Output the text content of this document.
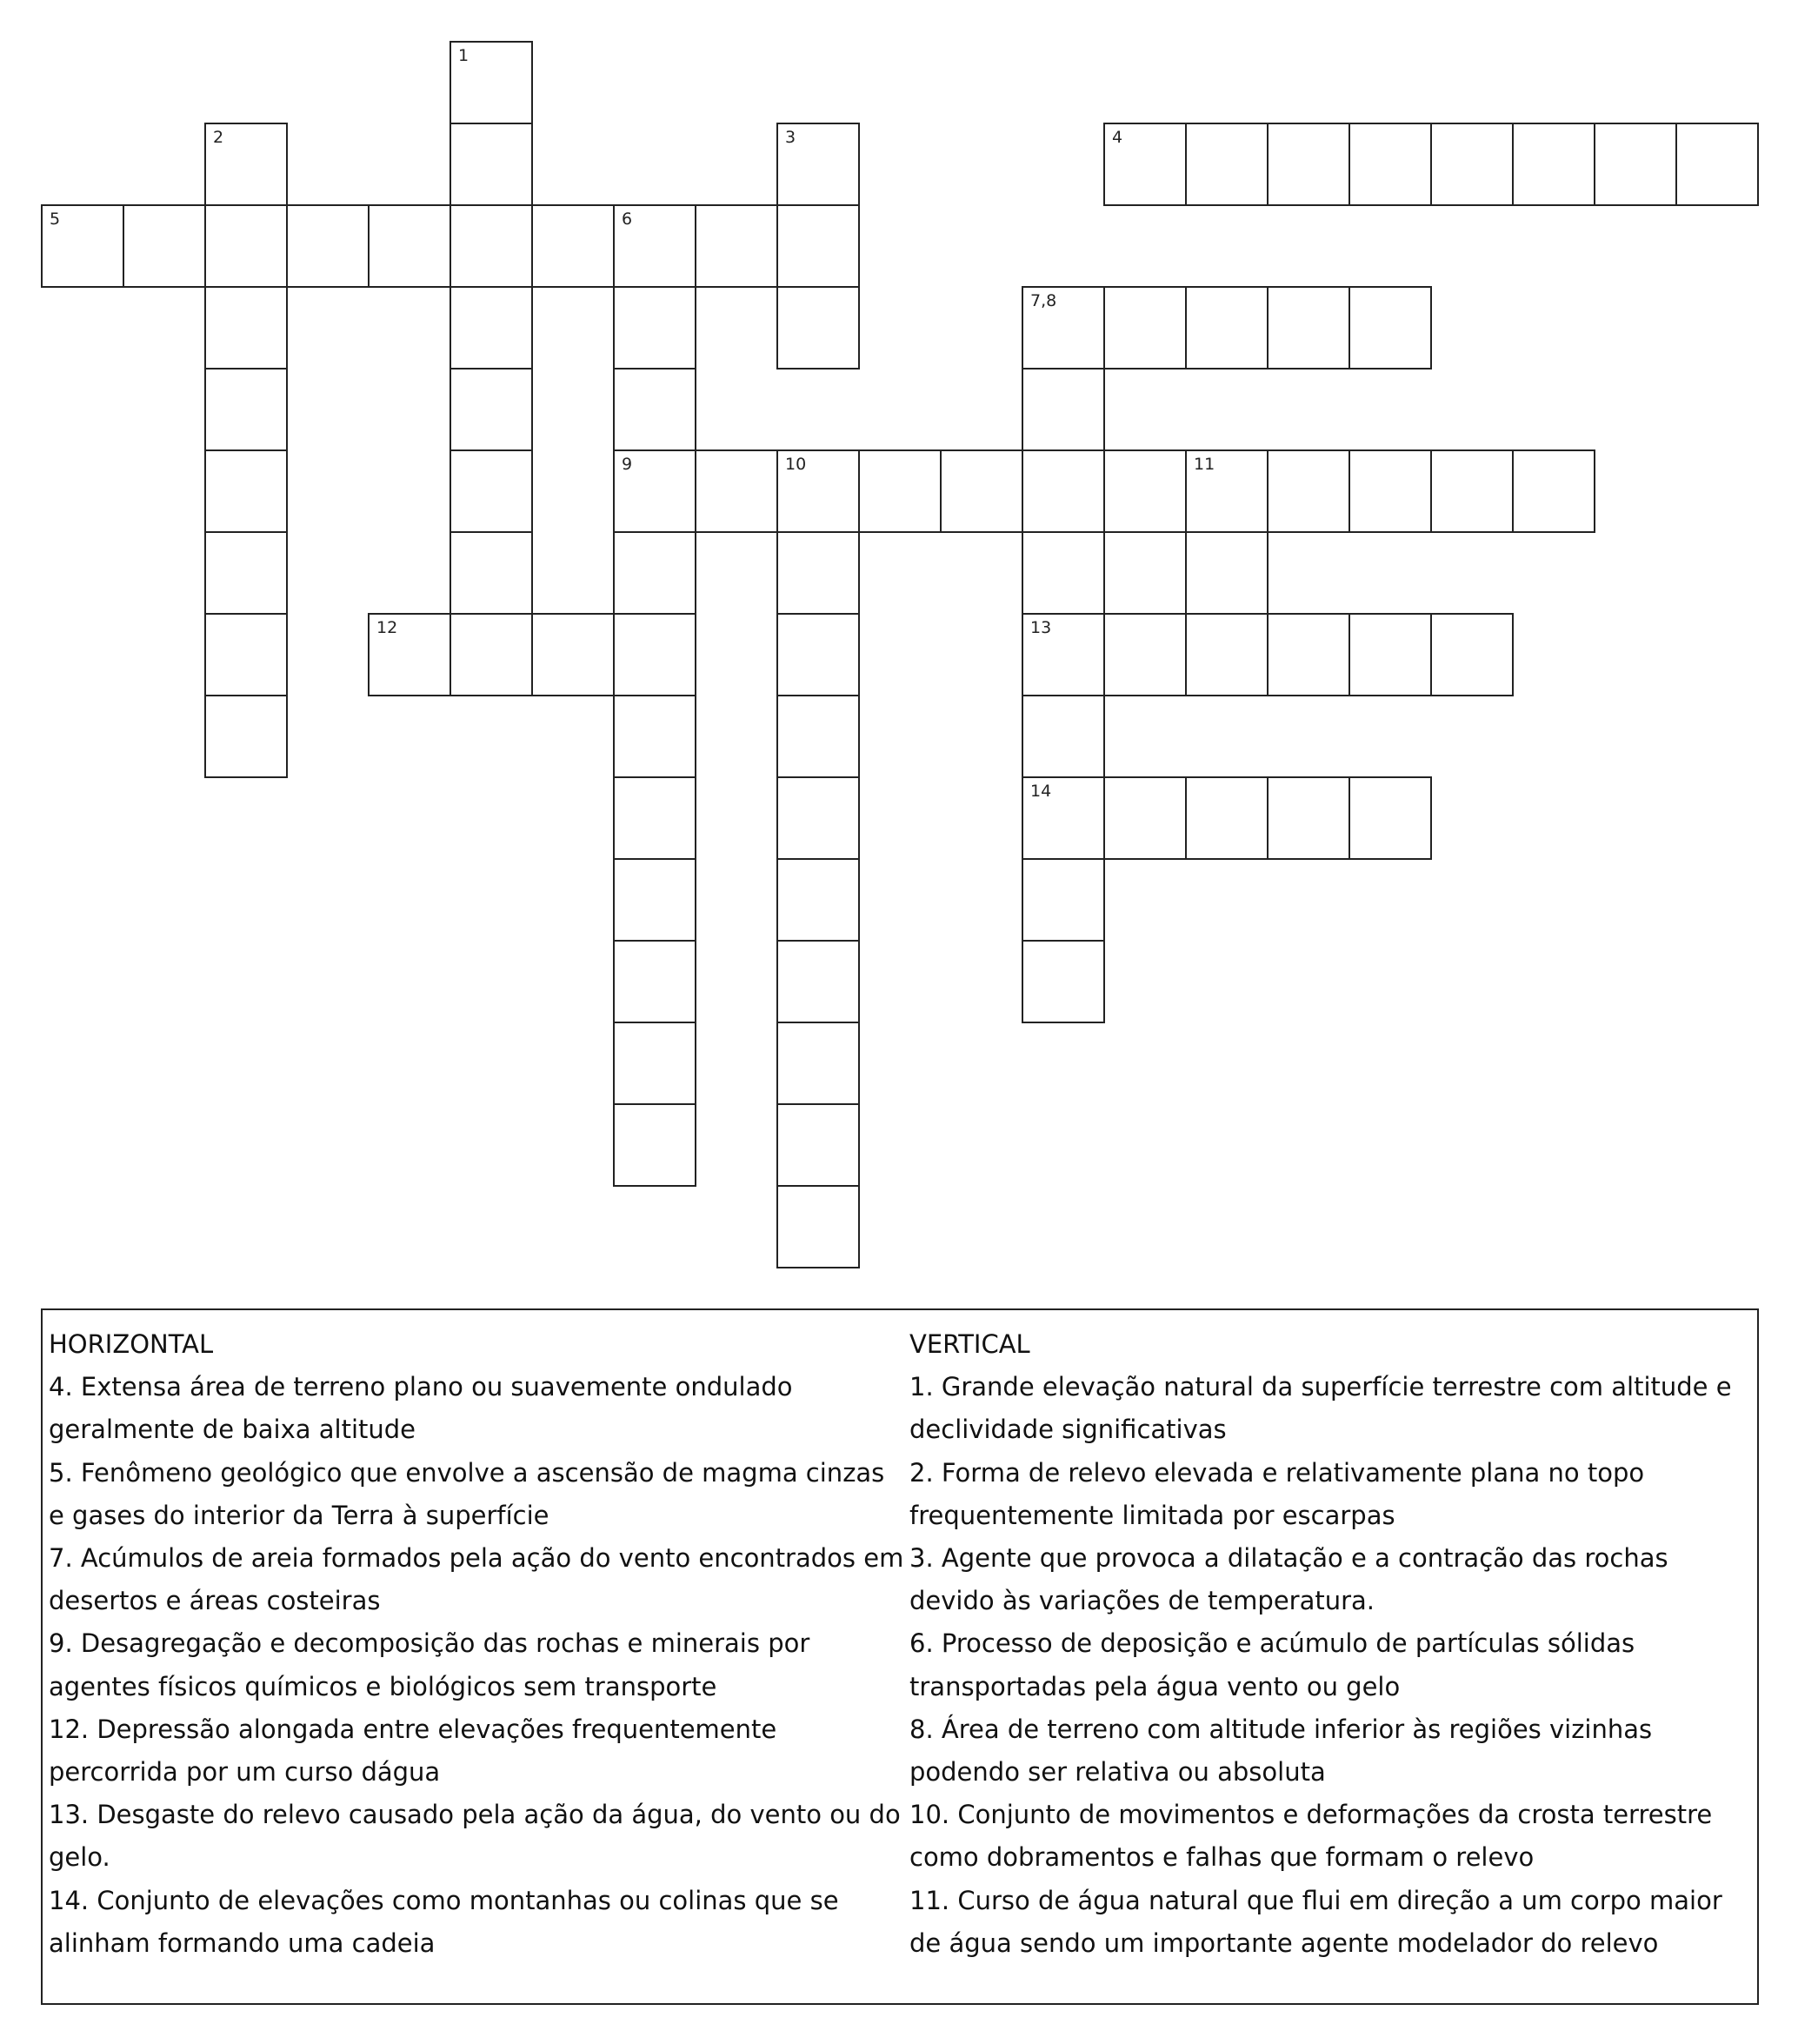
1
2	3	4
5	6
7,8
9	10	11
12	13
14
HORIZONTAL
4. Extensa área de terreno plano ou suavemente ondulado geralmente de baixa altitude
5. Fenômeno geológico que envolve a ascensão de magma cinzas e gases do interior da Terra à superfície
7. Acúmulos de areia formados pela ação do vento encontrados em desertos e áreas costeiras
9. Desagregação e decomposição das rochas e minerais por agentes físicos químicos e biológicos sem transporte
12. Depressão alongada entre elevações frequentemente percorrida por um curso dágua
13. Desgaste do relevo causado pela ação da água, do vento ou do gelo.
14. Conjunto de elevações como montanhas ou colinas que se alinham formando uma cadeia
VERTICAL
1. Grande elevação natural da superfície terrestre com altitude e declividade significativas
2. Forma de relevo elevada e relativamente plana no topo frequentemente limitada por escarpas
3. Agente que provoca a dilatação e a contração das rochas devido às variações de temperatura.
6. Processo de deposição e acúmulo de partículas sólidas transportadas pela água vento ou gelo
8. Área de terreno com altitude inferior às regiões vizinhas podendo ser relativa ou absoluta
10. Conjunto de movimentos e deformações da crosta terrestre como dobramentos e falhas que formam o relevo
11. Curso de água natural que flui em direção a um corpo maior de água sendo um importante agente modelador do relevo
